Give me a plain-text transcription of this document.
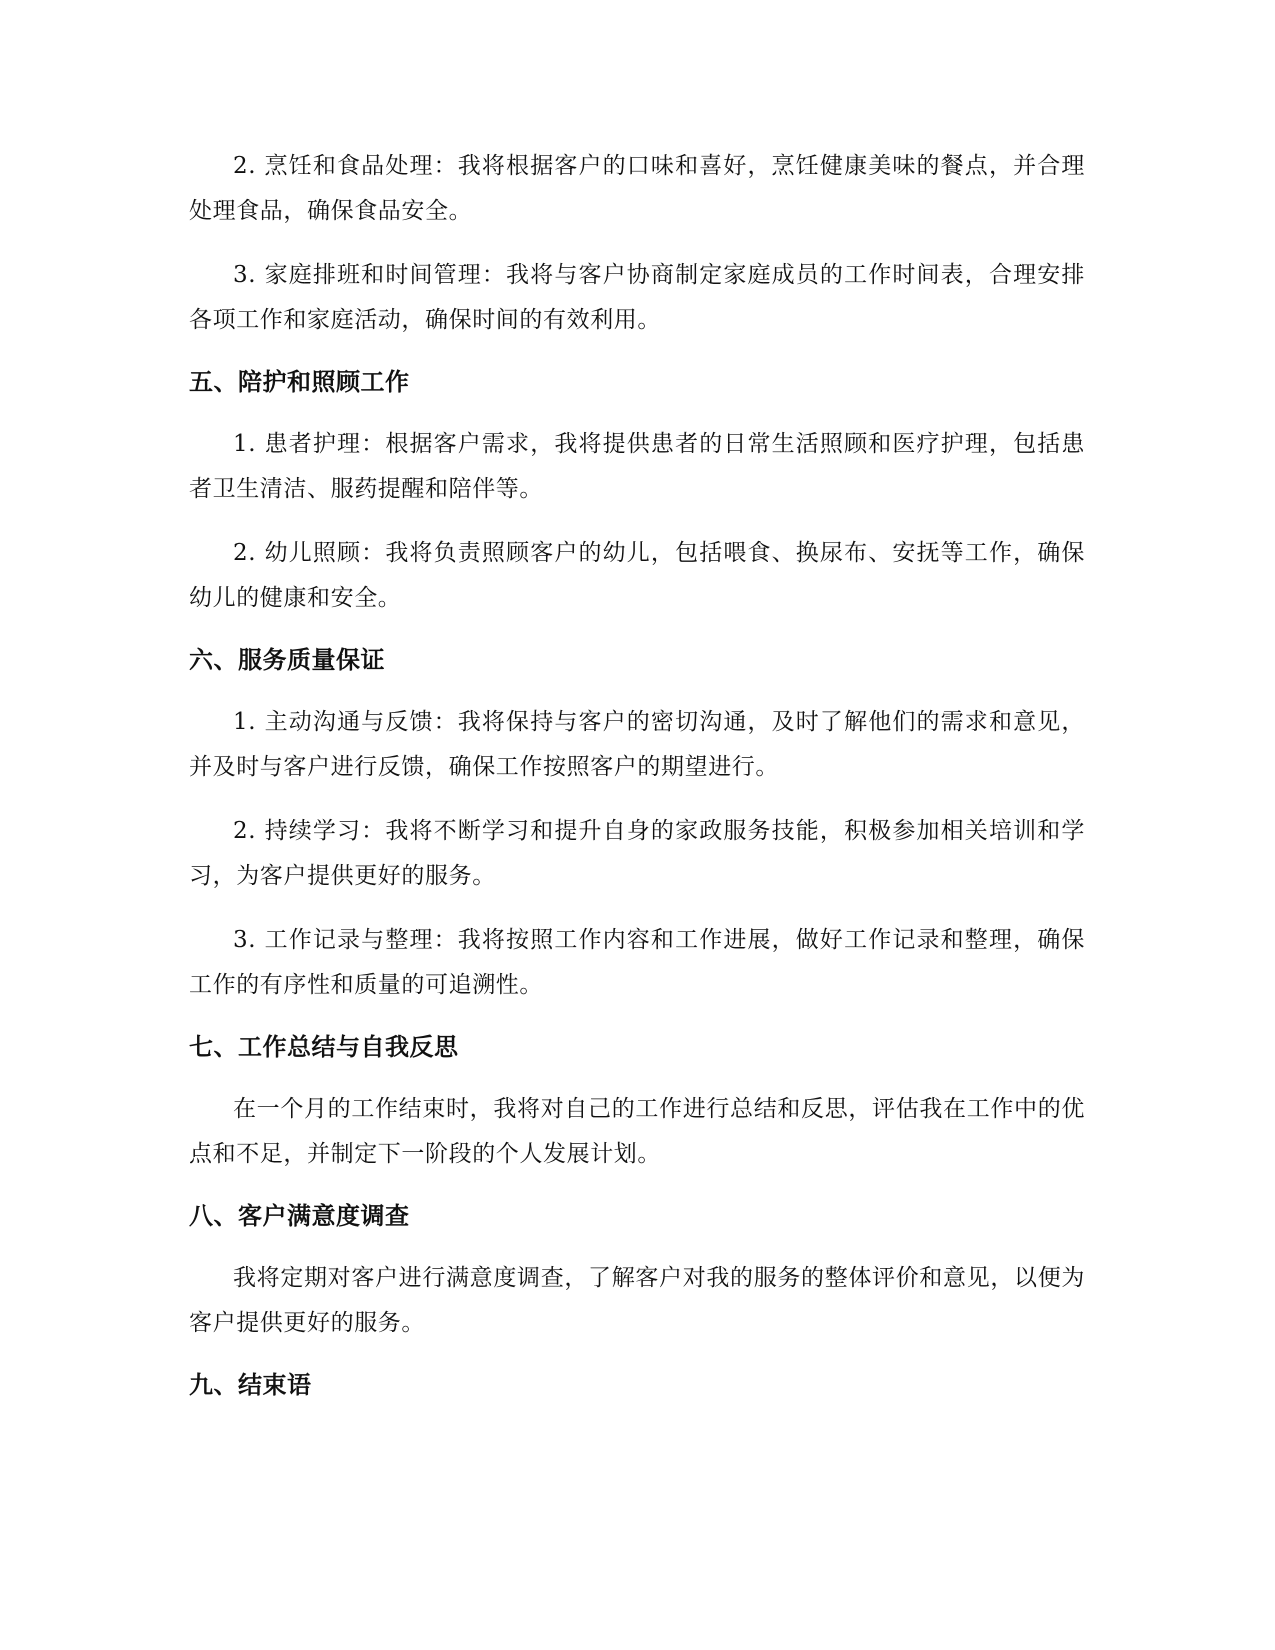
2. 烹饪和食品处理：我将根据客户的口味和喜好，烹饪健康美味的餐点，并合理处理食品，确保食品安全。

3. 家庭排班和时间管理：我将与客户协商制定家庭成员的工作时间表，合理安排各项工作和家庭活动，确保时间的有效利用。

五、陪护和照顾工作

1. 患者护理：根据客户需求，我将提供患者的日常生活照顾和医疗护理，包括患者卫生清洁、服药提醒和陪伴等。

2. 幼儿照顾：我将负责照顾客户的幼儿，包括喂食、换尿布、安抚等工作，确保幼儿的健康和安全。

六、服务质量保证

1. 主动沟通与反馈：我将保持与客户的密切沟通，及时了解他们的需求和意见，并及时与客户进行反馈，确保工作按照客户的期望进行。

2. 持续学习：我将不断学习和提升自身的家政服务技能，积极参加相关培训和学习，为客户提供更好的服务。

3. 工作记录与整理：我将按照工作内容和工作进展，做好工作记录和整理，确保工作的有序性和质量的可追溯性。

七、工作总结与自我反思

在一个月的工作结束时，我将对自己的工作进行总结和反思，评估我在工作中的优点和不足，并制定下一阶段的个人发展计划。

八、客户满意度调查

我将定期对客户进行满意度调查，了解客户对我的服务的整体评价和意见，以便为客户提供更好的服务。

九、结束语
